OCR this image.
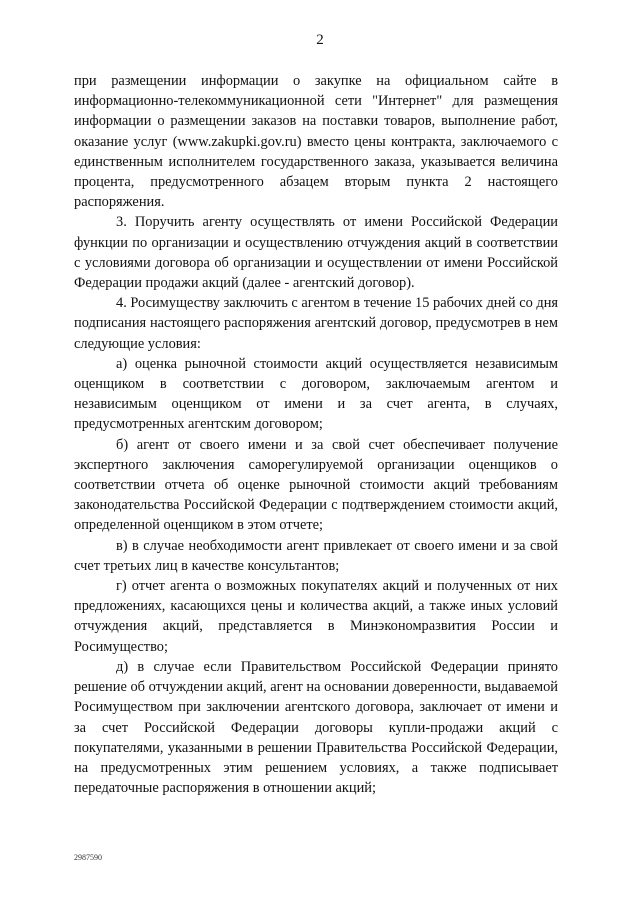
2

при размещении информации о закупке на официальном сайте в информационно-телекоммуникационной сети "Интернет" для размещения информации о размещении заказов на поставки товаров, выполнение работ, оказание услуг (www.zakupki.gov.ru) вместо цены контракта, заключаемого с единственным исполнителем государственного заказа, указывается величина процента, предусмотренного абзацем вторым пункта 2 настоящего распоряжения.

3. Поручить агенту осуществлять от имени Российской Федерации функции по организации и осуществлению отчуждения акций в соответствии с условиями договора об организации и осуществлении от имени Российской Федерации продажи акций (далее - агентский договор).

4. Росимуществу заключить с агентом в течение 15 рабочих дней со дня подписания настоящего распоряжения агентский договор, предусмотрев в нем следующие условия:

а) оценка рыночной стоимости акций осуществляется независимым оценщиком в соответствии с договором, заключаемым агентом и независимым оценщиком от имени и за счет агента, в случаях, предусмотренных агентским договором;

б) агент от своего имени и за свой счет обеспечивает получение экспертного заключения саморегулируемой организации оценщиков о соответствии отчета об оценке рыночной стоимости акций требованиям законодательства Российской Федерации с подтверждением стоимости акций, определенной оценщиком в этом отчете;

в) в случае необходимости агент привлекает от своего имени и за свой счет третьих лиц в качестве консультантов;

г) отчет агента о возможных покупателях акций и полученных от них предложениях, касающихся цены и количества акций, а также иных условий отчуждения акций, представляется в Минэкономразвития России и Росимущество;

д) в случае если Правительством Российской Федерации принято решение об отчуждении акций, агент на основании доверенности, выдаваемой Росимуществом при заключении агентского договора, заключает от имени и за счет Российской Федерации договоры купли-продажи акций с покупателями, указанными в решении Правительства Российской Федерации, на предусмотренных этим решением условиях, а также подписывает передаточные распоряжения в отношении акций;

2987590
